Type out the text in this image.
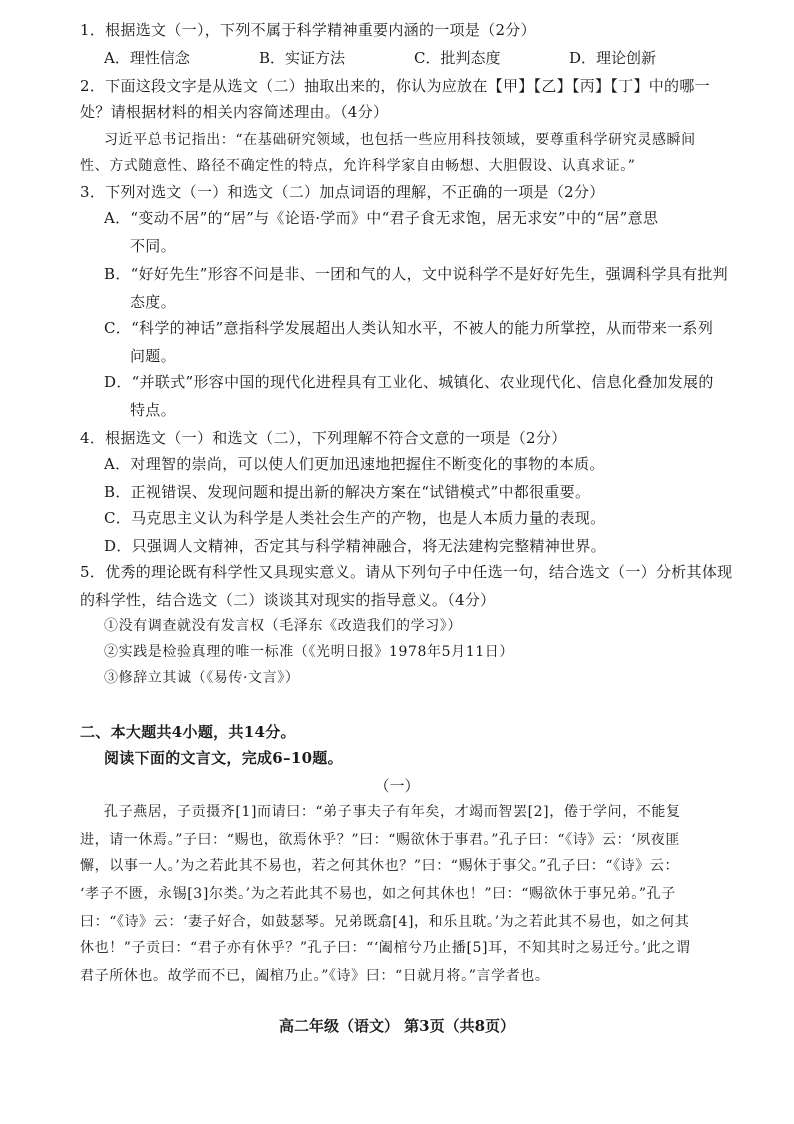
1．根据选文（一），下列不属于科学精神重要内涵的一项是（2分）
A．理性信念	B．实证方法	C．批判态度	D．理论创新
2．下面这段文字是从选文（二）抽取出来的，你认为应放在【甲】【乙】【丙】【丁】中的哪一
处？请根据材料的相关内容简述理由。（4分）
习近平总书记指出：“在基础研究领域，也包括一些应用科技领域，要尊重科学研究灵感瞬间
性、方式随意性、路径不确定性的特点，允许科学家自由畅想、大胆假设、认真求证。”
3．下列对选文（一）和选文（二）加点词语的理解，不正确的一项是（2分）
A．“变动不居”的“居”与《论语·学而》中“君子食无求饱，居无求安”中的“居”意思
不同。
B．“好好先生”形容不问是非、一团和气的人，文中说科学不是好好先生，强调科学具有批判
态度。
C．“科学的神话”意指科学发展超出人类认知水平，不被人的能力所掌控，从而带来一系列
问题。
D．“并联式”形容中国的现代化进程具有工业化、城镇化、农业现代化、信息化叠加发展的
特点。
4．根据选文（一）和选文（二），下列理解不符合文意的一项是（2分）
A．对理智的崇尚，可以使人们更加迅速地把握住不断变化的事物的本质。
B．正视错误、发现问题和提出新的解决方案在“试错模式”中都很重要。
C．马克思主义认为科学是人类社会生产的产物，也是人本质力量的表现。
D．只强调人文精神，否定其与科学精神融合，将无法建构完整精神世界。
5．优秀的理论既有科学性又具现实意义。请从下列句子中任选一句，结合选文（一）分析其体现
的科学性，结合选文（二）谈谈其对现实的指导意义。（4分）
①没有调查就没有发言权（毛泽东《改造我们的学习》）
②实践是检验真理的唯一标准（《光明日报》1978年5月11日）
③修辞立其诚（《易传·文言》）
二、本大题共4小题，共14分。
阅读下面的文言文，完成6–10题。
（一）
孔子燕居，子贡摄齐[1]而请曰：“弟子事夫子有年矣，才竭而智罢[2]，倦于学问，不能复
进，请一休焉。”子曰：“赐也，欲焉休乎？”曰：“赐欲休于事君。”孔子曰：“《诗》云：‘夙夜匪
懈，以事一人。’为之若此其不易也，若之何其休也？”曰：“赐休于事父。”孔子曰：“《诗》云：
‘孝子不匮，永锡[3]尔类。’为之若此其不易也，如之何其休也！”曰：“赐欲休于事兄弟。”孔子
曰：“《诗》云：‘妻子好合，如鼓瑟琴。兄弟既翕[4]，和乐且耽。’为之若此其不易也，如之何其
休也！”子贡曰：“君子亦有休乎？”孔子曰：“‘阖棺兮乃止播[5]耳，不知其时之易迁兮。’此之谓
君子所休也。故学而不已，阖棺乃止。”《诗》曰：“日就月将。”言学者也。
高二年级（语文） 第3页（共8页）
